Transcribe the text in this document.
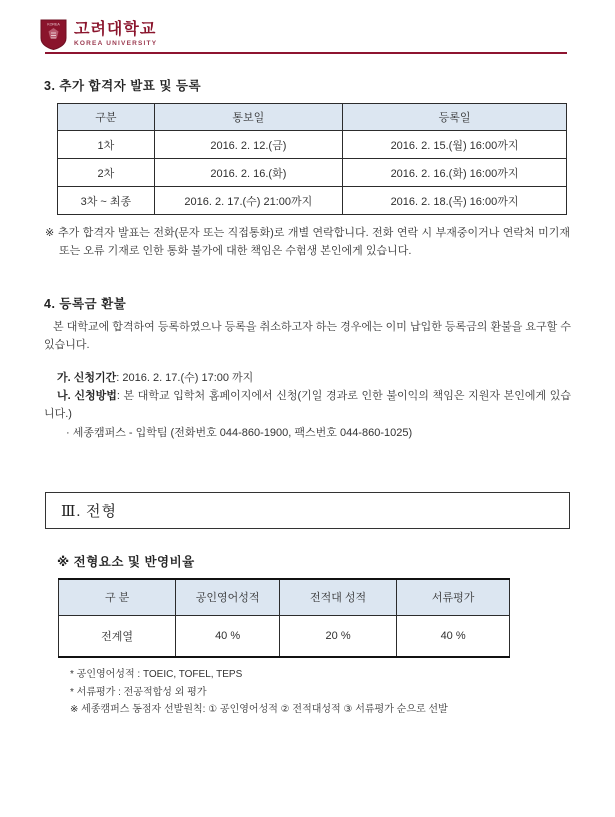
KOREA 고려대학교
KOREA UNIVERSITY
3. 추가 합격자 발표 및 등록
구분	통보일	등록일
1차	2016. 2. 12.(금)	2016. 2. 15.(월) 16:00까지
2차	2016. 2. 16.(화)	2016. 2. 16.(화) 16:00까지
3차 ~ 최종	2016. 2. 17.(수) 21:00까지	2016. 2. 18.(목) 16:00까지
※ 추가 합격자 발표는 전화(문자 또는 직접통화)로 개별 연락합니다. 전화 연락 시 부재중이거나 연락처 미기재 또는 오류 기재로 인한 통화 불가에 대한 책임은 수험생 본인에게 있습니다.
4. 등록금 환불
본 대학교에 합격하여 등록하였으나 등록을 취소하고자 하는 경우에는 이미 납입한 등록금의 환불을 요구할 수 있습니다.
가. 신청기간: 2016. 2. 17.(수) 17:00 까지
나. 신청방법: 본 대학교 입학처 홈페이지에서 신청(기일 경과로 인한 불이익의 책임은 지원자 본인에게 있습니다.)
· 세종캠퍼스 - 입학팀 (전화번호 044-860-1900, 팩스번호 044-860-1025)
Ⅲ. 전형
※ 전형요소 및 반영비율
구 분	공인영어성적	전적대 성적	서류평가
전계열	40 %	20 %	40 %
* 공인영어성적 : TOEIC, TOFEL, TEPS
* 서류평가 : 전공적합성 외 평가
※ 세종캠퍼스 동점자 선발원칙: ① 공인영어성적 ② 전적대성적 ③ 서류평가 순으로 선발
